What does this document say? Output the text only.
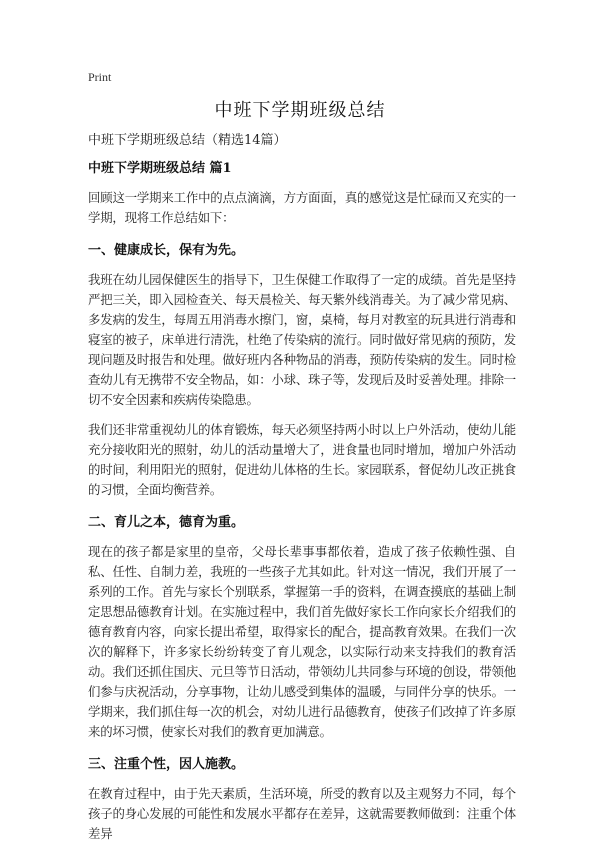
Print
中班下学期班级总结
中班下学期班级总结（精选14篇）
中班下学期班级总结 篇1

回顾这一学期来工作中的点点滴滴，方方面面，真的感觉这是忙碌而又充实的一学期，现将工作总结如下：

一、健康成长，保有为先。

我班在幼儿园保健医生的指导下，卫生保健工作取得了一定的成绩。首先是坚持严把三关，即入园检查关、每天晨检关、每天紫外线消毒关。为了减少常见病、多发病的发生，每周五用消毒水擦门，窗，桌椅，每月对教室的玩具进行消毒和寝室的被子，床单进行清洗，杜绝了传染病的流行。同时做好常见病的预防，发现问题及时报告和处理。做好班内各种物品的消毒，预防传染病的发生。同时检查幼儿有无携带不安全物品，如：小球、珠子等，发现后及时妥善处理。排除一切不安全因素和疾病传染隐患。

我们还非常重视幼儿的体育锻炼，每天必须坚持两小时以上户外活动，使幼儿能充分接收阳光的照射，幼儿的活动量增大了，进食量也同时增加，增加户外活动的时间，利用阳光的照射，促进幼儿体格的生长。家园联系，督促幼儿改正挑食的习惯，全面均衡营养。

二、育儿之本，德育为重。

现在的孩子都是家里的皇帝，父母长辈事事都依着，造成了孩子依赖性强、自私、任性、自制力差，我班的一些孩子尤其如此。针对这一情况，我们开展了一系列的工作。首先与家长个别联系，掌握第一手的资料，在调查摸底的基础上制定思想品德教育计划。在实施过程中，我们首先做好家长工作向家长介绍我们的德育教育内容，向家长提出希望，取得家长的配合，提高教育效果。在我们一次次的解释下，许多家长纷纷转变了育儿观念，以实际行动来支持我们的教育活动。我们还抓住国庆、元旦等节日活动，带领幼儿共同参与环境的创设，带领他们参与庆祝活动，分享事物，让幼儿感受到集体的温暖，与同伴分享的快乐。一学期来，我们抓住每一次的机会，对幼儿进行品德教育，使孩子们改掉了许多原来的坏习惯，使家长对我们的教育更加满意。

三、注重个性，因人施教。

在教育过程中，由于先天素质，生活环境，所受的教育以及主观努力不同，每个孩子的身心发展的可能性和发展水平都存在差异，这就需要教师做到：注重个体差异
